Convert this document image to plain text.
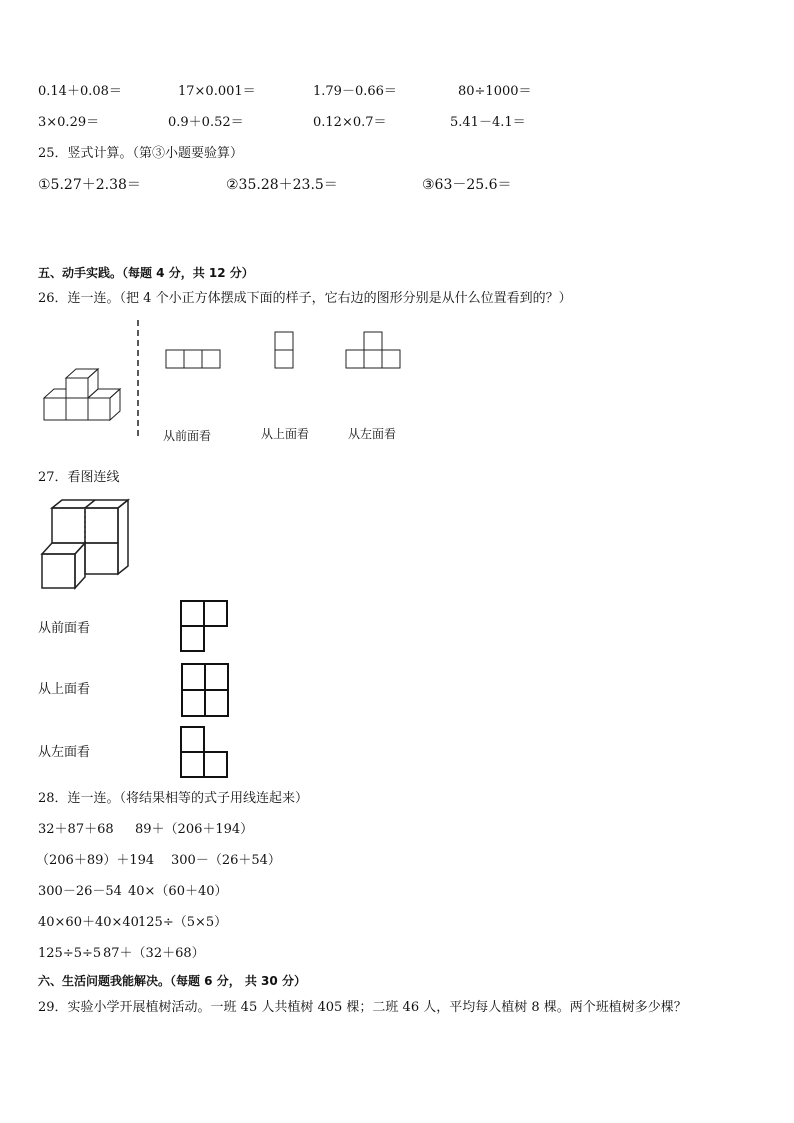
0.14＋0.08＝	17×0.001＝	1.79－0.66＝	80÷1000＝
3×0.29＝	0.9＋0.52＝	0.12×0.7＝	5.41－4.1＝
25．竖式计算。（第③小题要验算）
①5.27＋2.38＝	②35.28＋23.5＝	③63－25.6＝
五、动手实践。（每题 4 分，共 12 分）
26．连一连。（把 4 个小正方体摆成下面的样子，它右边的图形分别是从什么位置看到的？）
从前面看	从上面看	从左面看
27．看图连线
从前面看
从上面看
从左面看
28．连一连。（将结果相等的式子用线连起来）
32＋87＋68 89＋（206＋194）
（206＋89）＋194 300－（26＋54）
300－26－54 40×（60＋40）
40×60＋40×40 125÷（5×5）
125÷5÷5 87＋（32＋68）
六、生活问题我能解决。（每题 6 分， 共 30 分）
29．实验小学开展植树活动。一班 45 人共植树 405 棵；二班 46 人，平均每人植树 8 棵。两个班植树多少棵？
